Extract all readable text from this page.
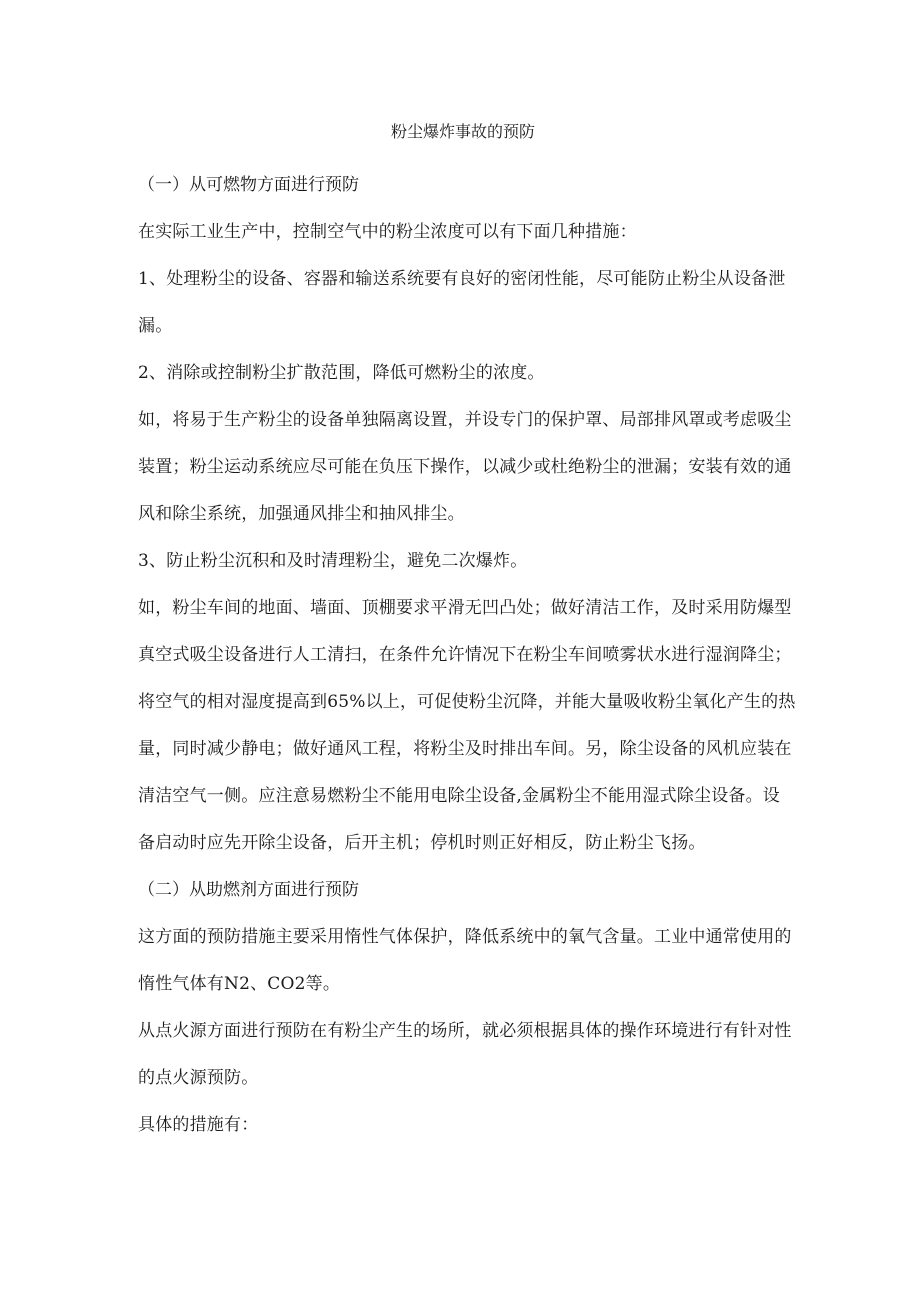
粉尘爆炸事故的预防
（一）从可燃物方面进行预防
在实际工业生产中，控制空气中的粉尘浓度可以有下面几种措施：
1、处理粉尘的设备、容器和输送系统要有良好的密闭性能，尽可能防止粉尘从设备泄
漏。
2、消除或控制粉尘扩散范围，降低可燃粉尘的浓度。
如，将易于生产粉尘的设备单独隔离设置，并设专门的保护罩、局部排风罩或考虑吸尘
装置；粉尘运动系统应尽可能在负压下操作，以减少或杜绝粉尘的泄漏；安装有效的通
风和除尘系统，加强通风排尘和抽风排尘。
3、防止粉尘沉积和及时清理粉尘，避免二次爆炸。
如，粉尘车间的地面、墙面、顶棚要求平滑无凹凸处；做好清洁工作，及时采用防爆型
真空式吸尘设备进行人工清扫，在条件允许情况下在粉尘车间喷雾状水进行湿润降尘；
将空气的相对湿度提高到65%以上，可促使粉尘沉降，并能大量吸收粉尘氧化产生的热
量，同时减少静电；做好通风工程，将粉尘及时排出车间。另，除尘设备的风机应装在
清洁空气一侧。应注意易燃粉尘不能用电除尘设备,金属粉尘不能用湿式除尘设备。设
备启动时应先开除尘设备，后开主机；停机时则正好相反，防止粉尘飞扬。
（二）从助燃剂方面进行预防
这方面的预防措施主要采用惰性气体保护，降低系统中的氧气含量。工业中通常使用的
惰性气体有N2、CO2等。
从点火源方面进行预防在有粉尘产生的场所，就必须根据具体的操作环境进行有针对性
的点火源预防。
具体的措施有：
